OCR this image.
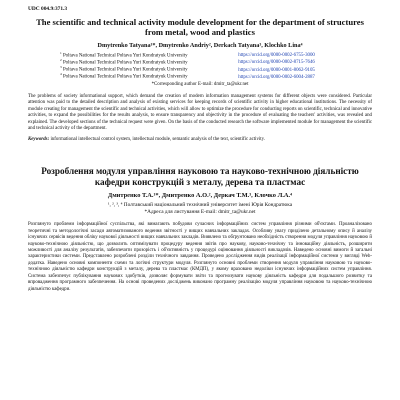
UDC 004.9:371.3
The scientific and technical activity module development for the department of structures from metal, wood and plastics
Dmytrenko Tatyana¹*, Dmytrenko Andriy², Derkach Tatyana³, Klochko Lina⁴
$^1$ Poltava National Technical Poltava Yuri Kondratyuk University	https://orcid.org/0000-0002-6755-3000
$^2$ Poltava National Technical Poltava Yuri Kondratyuk University	https://orcid.org/0000-0002-8715-7646
$^3$ Poltava National Technical Poltava Yuri Kondratyuk University	https://orcid.org/0000-0001-8062-9105
$^4$ Poltava National Technical Poltava Yuri Kondratyuk University	https://orcid.org/0000-0002-6004-2887
*Corresponding author E-mail: dmitr_ta@ukr.net

The problems of society informational support, which demand the creation of modern information management systems for different objects were considered. Particular attention was paid to the detailed description and analysis of existing services for keeping records of scientific activity in higher educational institutions. The necessity of module creating for management the scientific and technical activities, which will allow to optimize the procedure for conducting reports on scientific, technical and innovative activities, to expand the possibilities for the results analysis, to ensure transparency and objectivity in the procedure of evaluating the teachers' activities, was revealed and explained. The developed sections of the technical request were given. On the basis of the conducted research the software implemented module for management the scientific and technical activity of the department.

Keywords: informational intellectual control system, intellectual module, semantic analysis of the text, scientific activity.

Розроблення модуля управління науковою та науково-технічною діяльністю кафедри конструкцій з металу, дерева та пластмас
Дмитренко Т.А.¹*, Дмитренко А.О.², Деркач Т.М.³, Клочко Л.А.⁴
¹, ², ³, ⁴ Полтавський національний технічний університет імені Юрія Кондратюка
*Адреса для листування E-mail: dmitr_ta@ukr.net

Розглянуто проблеми інформаційної суспільства, які вимагають побудови сучасних інформаційних систем управління різними об'єктами. Проаналізовано теоретичні та методологічні засади автоматизованого ведення звітності у вищих навчальних закладах. Особливу увагу приділено детальному опису й аналізу існуючих сервісів ведення обліку наукової діяльності вищих навчальних закладів. Виявлено та обґрунтовано необхідність створення модуля управління науковою й науково-технічною діяльністю, що дозволить оптимізувати процедуру ведення звітів про наукову, науково-технічну та інноваційну діяльність, розширити можливості для аналізу результатів, забезпечити прозорість і об'єктивність у процедурі оцінювання діяльності викладачів. Наведено основні вимоги й загальні характеристики системи. Представлено розроблені розділи технічного завдання. Проведено дослідження видів реалізації інформаційної системи у вигляді Web-додатка. Наведено основні компоненти схеми та логічні структури модуля. Розглянуто основні проблеми створення модуля управління науковою та науково-технічною діяльністю кафедри конструкцій з металу, дерева та пластмас (КМДП), у якому враховано недоліки існуючих інформаційних систем управління. Система забезпечує публікування наукових здобутків, дозволяє формувати звіти та прогнозувати наукову діяльність кафедри для подальшого розвитку та впровадження програмного забезпечення. На основі проведених досліджень виконано програмну реалізацію модуля управління науковою та науково-технічною діяльністю кафедри.
